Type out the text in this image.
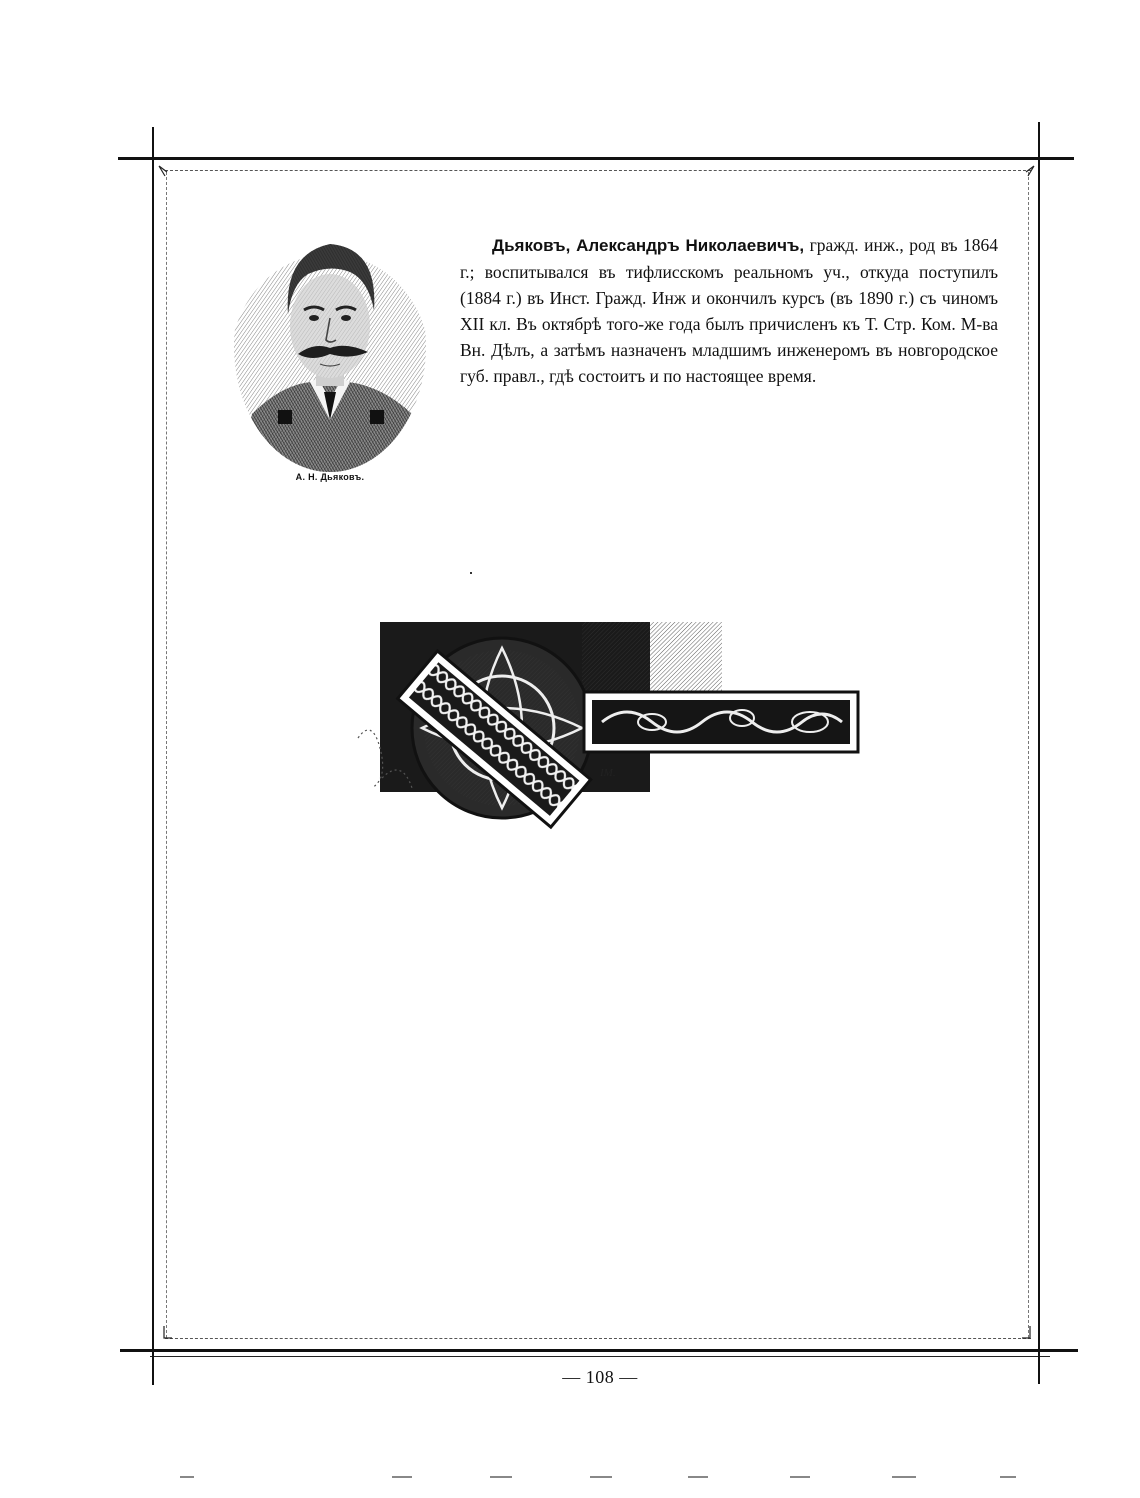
А. Н. Дьяковъ.

Дьяковъ, Александръ Николаевичъ, гражд. инж., род въ 1864 г.; воспитывался въ тифлисскомъ реальномъ уч., откуда поступилъ (1884 г.) въ Инст. Гражд. Инж и окончилъ курсъ (въ 1890 г.) съ чиномъ XII кл. Въ октябрѣ того-же года былъ причисленъ къ Т. Стр. Ком. М-ва Вн. Дѣлъ, а затѣмъ назначенъ младшимъ инженеромъ въ новгородское губ. правл., гдѣ состоитъ и по настоящее время.

IM.
— 108 —
